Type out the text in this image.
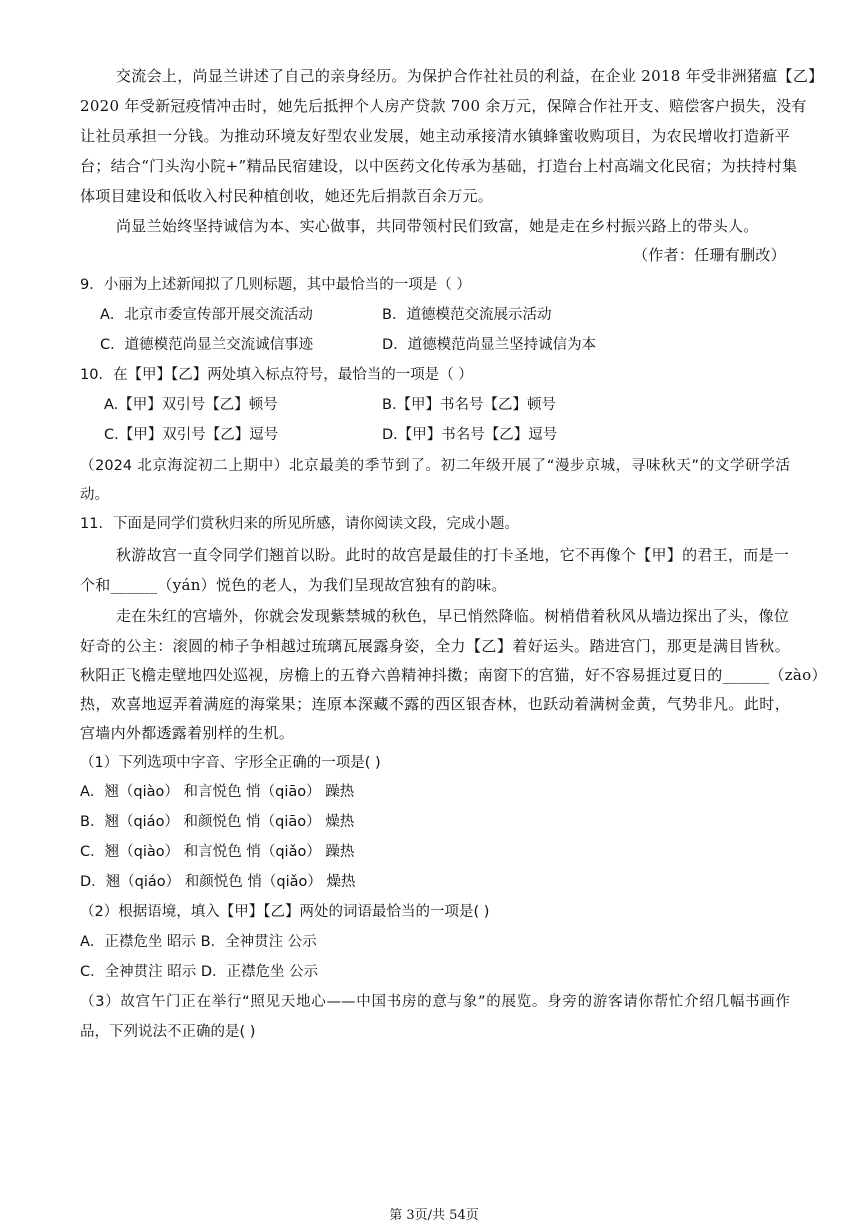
交流会上，尚显兰讲述了自己的亲身经历。为保护合作社社员的利益，在企业 2018 年受非洲猪瘟【乙】
2020 年受新冠疫情冲击时，她先后抵押个人房产贷款 700 余万元，保障合作社开支、赔偿客户损失，没有
让社员承担一分钱。为推动环境友好型农业发展，她主动承接清水镇蜂蜜收购项目，为农民增收打造新平
台；结合“门头沟小院+”精品民宿建设，以中医药文化传承为基础，打造台上村高端文化民宿；为扶持村集
体项目建设和低收入村民种植创收，她还先后捐款百余万元。
尚显兰始终坚持诚信为本、实心做事，共同带领村民们致富，她是走在乡村振兴路上的带头人。
（作者：任珊有删改）
9．小丽为上述新闻拟了几则标题，其中最恰当的一项是（ ）
A．北京市委宣传部开展交流活动	B．道德模范交流展示活动
C．道德模范尚显兰交流诚信事迹	D．道德模范尚显兰坚持诚信为本
10．在【甲】【乙】两处填入标点符号，最恰当的一项是（ ）
A.【甲】双引号【乙】顿号	B.【甲】书名号【乙】顿号
C.【甲】双引号【乙】逗号	D.【甲】书名号【乙】逗号
（2024 北京海淀初二上期中）北京最美的季节到了。初二年级开展了“漫步京城，寻味秋天”的文学研学活
动。
11．下面是同学们赏秋归来的所见所感，请你阅读文段，完成小题。
秋游故宫一直令同学们翘首以盼。此时的故宫是最佳的打卡圣地，它不再像个【甲】的君王，而是一
个和______（yán）悦色的老人，为我们呈现故宫独有的韵味。
走在朱红的宫墙外，你就会发现紫禁城的秋色，早已悄然降临。树梢借着秋风从墙边探出了头，像位
好奇的公主：滚圆的柿子争相越过琉璃瓦展露身姿，全力【乙】着好运头。踏进宫门，那更是满目皆秋。
秋阳正飞檐走壁地四处巡视，房檐上的五脊六兽精神抖擞；南窗下的宫猫，好不容易捱过夏日的______（zào）
热，欢喜地逗弄着满庭的海棠果；连原本深藏不露的西区银杏林，也跃动着满树金黄，气势非凡。此时，
宫墙内外都透露着别样的生机。
（1）下列选项中字音、字形全正确的一项是( )
A．翘（qiào） 和言悦色 悄（qiāo） 躁热
B．翘（qiáo） 和颜悦色 悄（qiāo） 燥热
C．翘（qiào） 和言悦色 悄（qiǎo） 躁热
D．翘（qiáo） 和颜悦色 悄（qiǎo） 燥热
（2）根据语境，填入【甲】【乙】两处的词语最恰当的一项是( )
A．正襟危坐 昭示 B．全神贯注 公示
C．全神贯注 昭示 D．正襟危坐 公示
（3）故宫午门正在举行“照见天地心——中国书房的意与象”的展览。身旁的游客请你帮忙介绍几幅书画作
品，下列说法不正确的是( )
第 3页/共 54页
